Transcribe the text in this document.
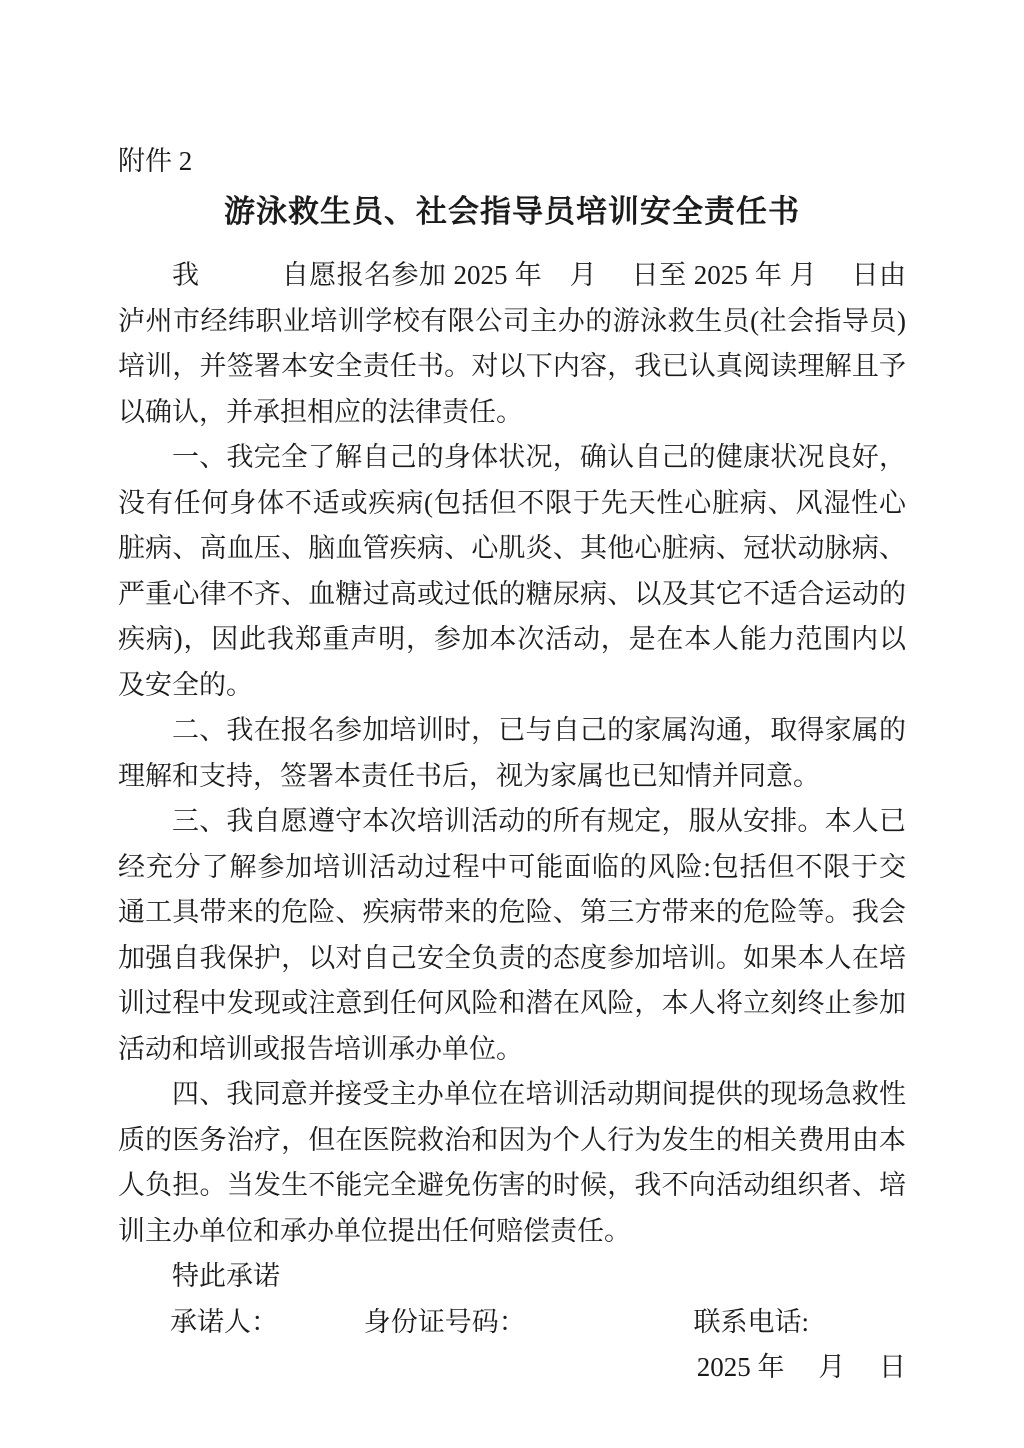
附件 2
游泳救生员、社会指导员培训安全责任书

我　　　自愿报名参加 2025 年　月　 日至 2025 年 月　 日由泸州市经纬职业培训学校有限公司主办的游泳救生员(社会指导员)培训，并签署本安全责任书。对以下内容，我已认真阅读理解且予以确认，并承担相应的法律责任。

一、我完全了解自己的身体状况，确认自己的健康状况良好，没有任何身体不适或疾病(包括但不限于先天性心脏病、风湿性心脏病、高血压、脑血管疾病、心肌炎、其他心脏病、冠状动脉病、严重心律不齐、血糖过高或过低的糖尿病、以及其它不适合运动的疾病)，因此我郑重声明，参加本次活动，是在本人能力范围内以及安全的。

二、我在报名参加培训时，已与自己的家属沟通，取得家属的理解和支持，签署本责任书后，视为家属也已知情并同意。

三、我自愿遵守本次培训活动的所有规定，服从安排。本人已经充分了解参加培训活动过程中可能面临的风险:包括但不限于交通工具带来的危险、疾病带来的危险、第三方带来的危险等。我会加强自我保护，以对自己安全负责的态度参加培训。如果本人在培训过程中发现或注意到任何风险和潜在风险，本人将立刻终止参加活动和培训或报告培训承办单位。

四、我同意并接受主办单位在培训活动期间提供的现场急救性质的医务治疗，但在医院救治和因为个人行为发生的相关费用由本人负担。当发生不能完全避免伤害的时候，我不向活动组织者、培训主办单位和承办单位提出任何赔偿责任。

特此承诺

承诺人：	身份证号码：	联系电话:
2025 年　 月　 日
